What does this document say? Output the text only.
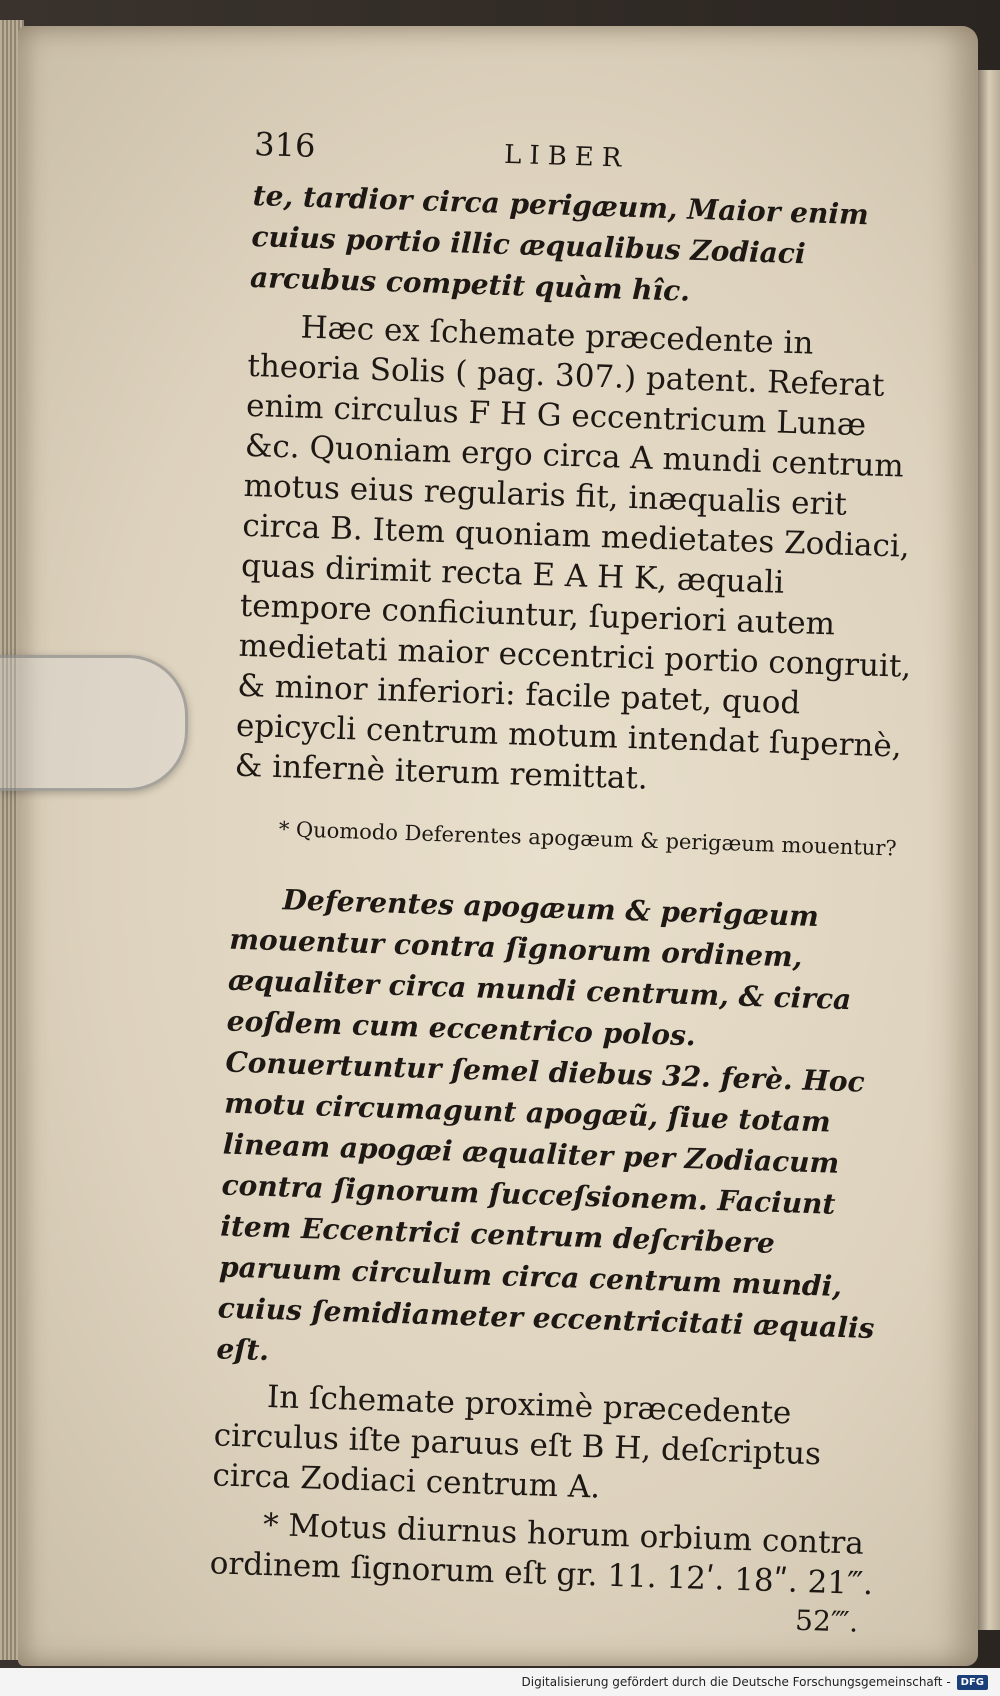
316	LIBER

te, tardior circa perigæum, Maior enim cuius portio illic æqualibus Zodiaci arcubus competit quàm hîc.

Hæc ex ſchemate præcedente in theoria Solis ( pag. 307.) patent. Referat enim circulus F H G eccentricum Lunæ &c. Quoniam ergo circa A mundi centrum motus eius regularis fit, inæqualis erit circa B. Item quoniam medietates Zodiaci, quas dirimit recta E A H K, æquali tempore conficiuntur, ſuperiori autem medietati maior eccentrici portio congruit, & minor inferiori: facile patet, quod epicycli centrum motum intendat ſupernè, & infernè iterum remittat.

* Quomodo Deferentes apogæum & perigæum mouentur?

Deferentes apogæum & perigæum mouentur contra ſignorum ordinem, æqualiter circa mundi centrum, & circa eoſdem cum eccentrico polos. Conuertuntur ſemel diebus 32. ferè. Hoc motu circumagunt apogæũ, ſiue totam lineam apogæi æqualiter per Zodiacum contra ſignorum ſucceſsionem. Faciunt item Eccentrici centrum deſcribere paruum circulum circa centrum mundi, cuius ſemidiameter eccentricitati æqualis eſt.

In ſchemate proximè præcedente circulus iſte paruus eſt B H, deſcriptus circa Zodiaci centrum A.

* Motus diurnus horum orbium contra ordinem ſignorum eſt gr. 11. 12ʹ. 18ʺ. 21‴.

52⁗.

Digitalisierung gefördert durch die Deutsche Forschungsgemeinschaft -	DFG
